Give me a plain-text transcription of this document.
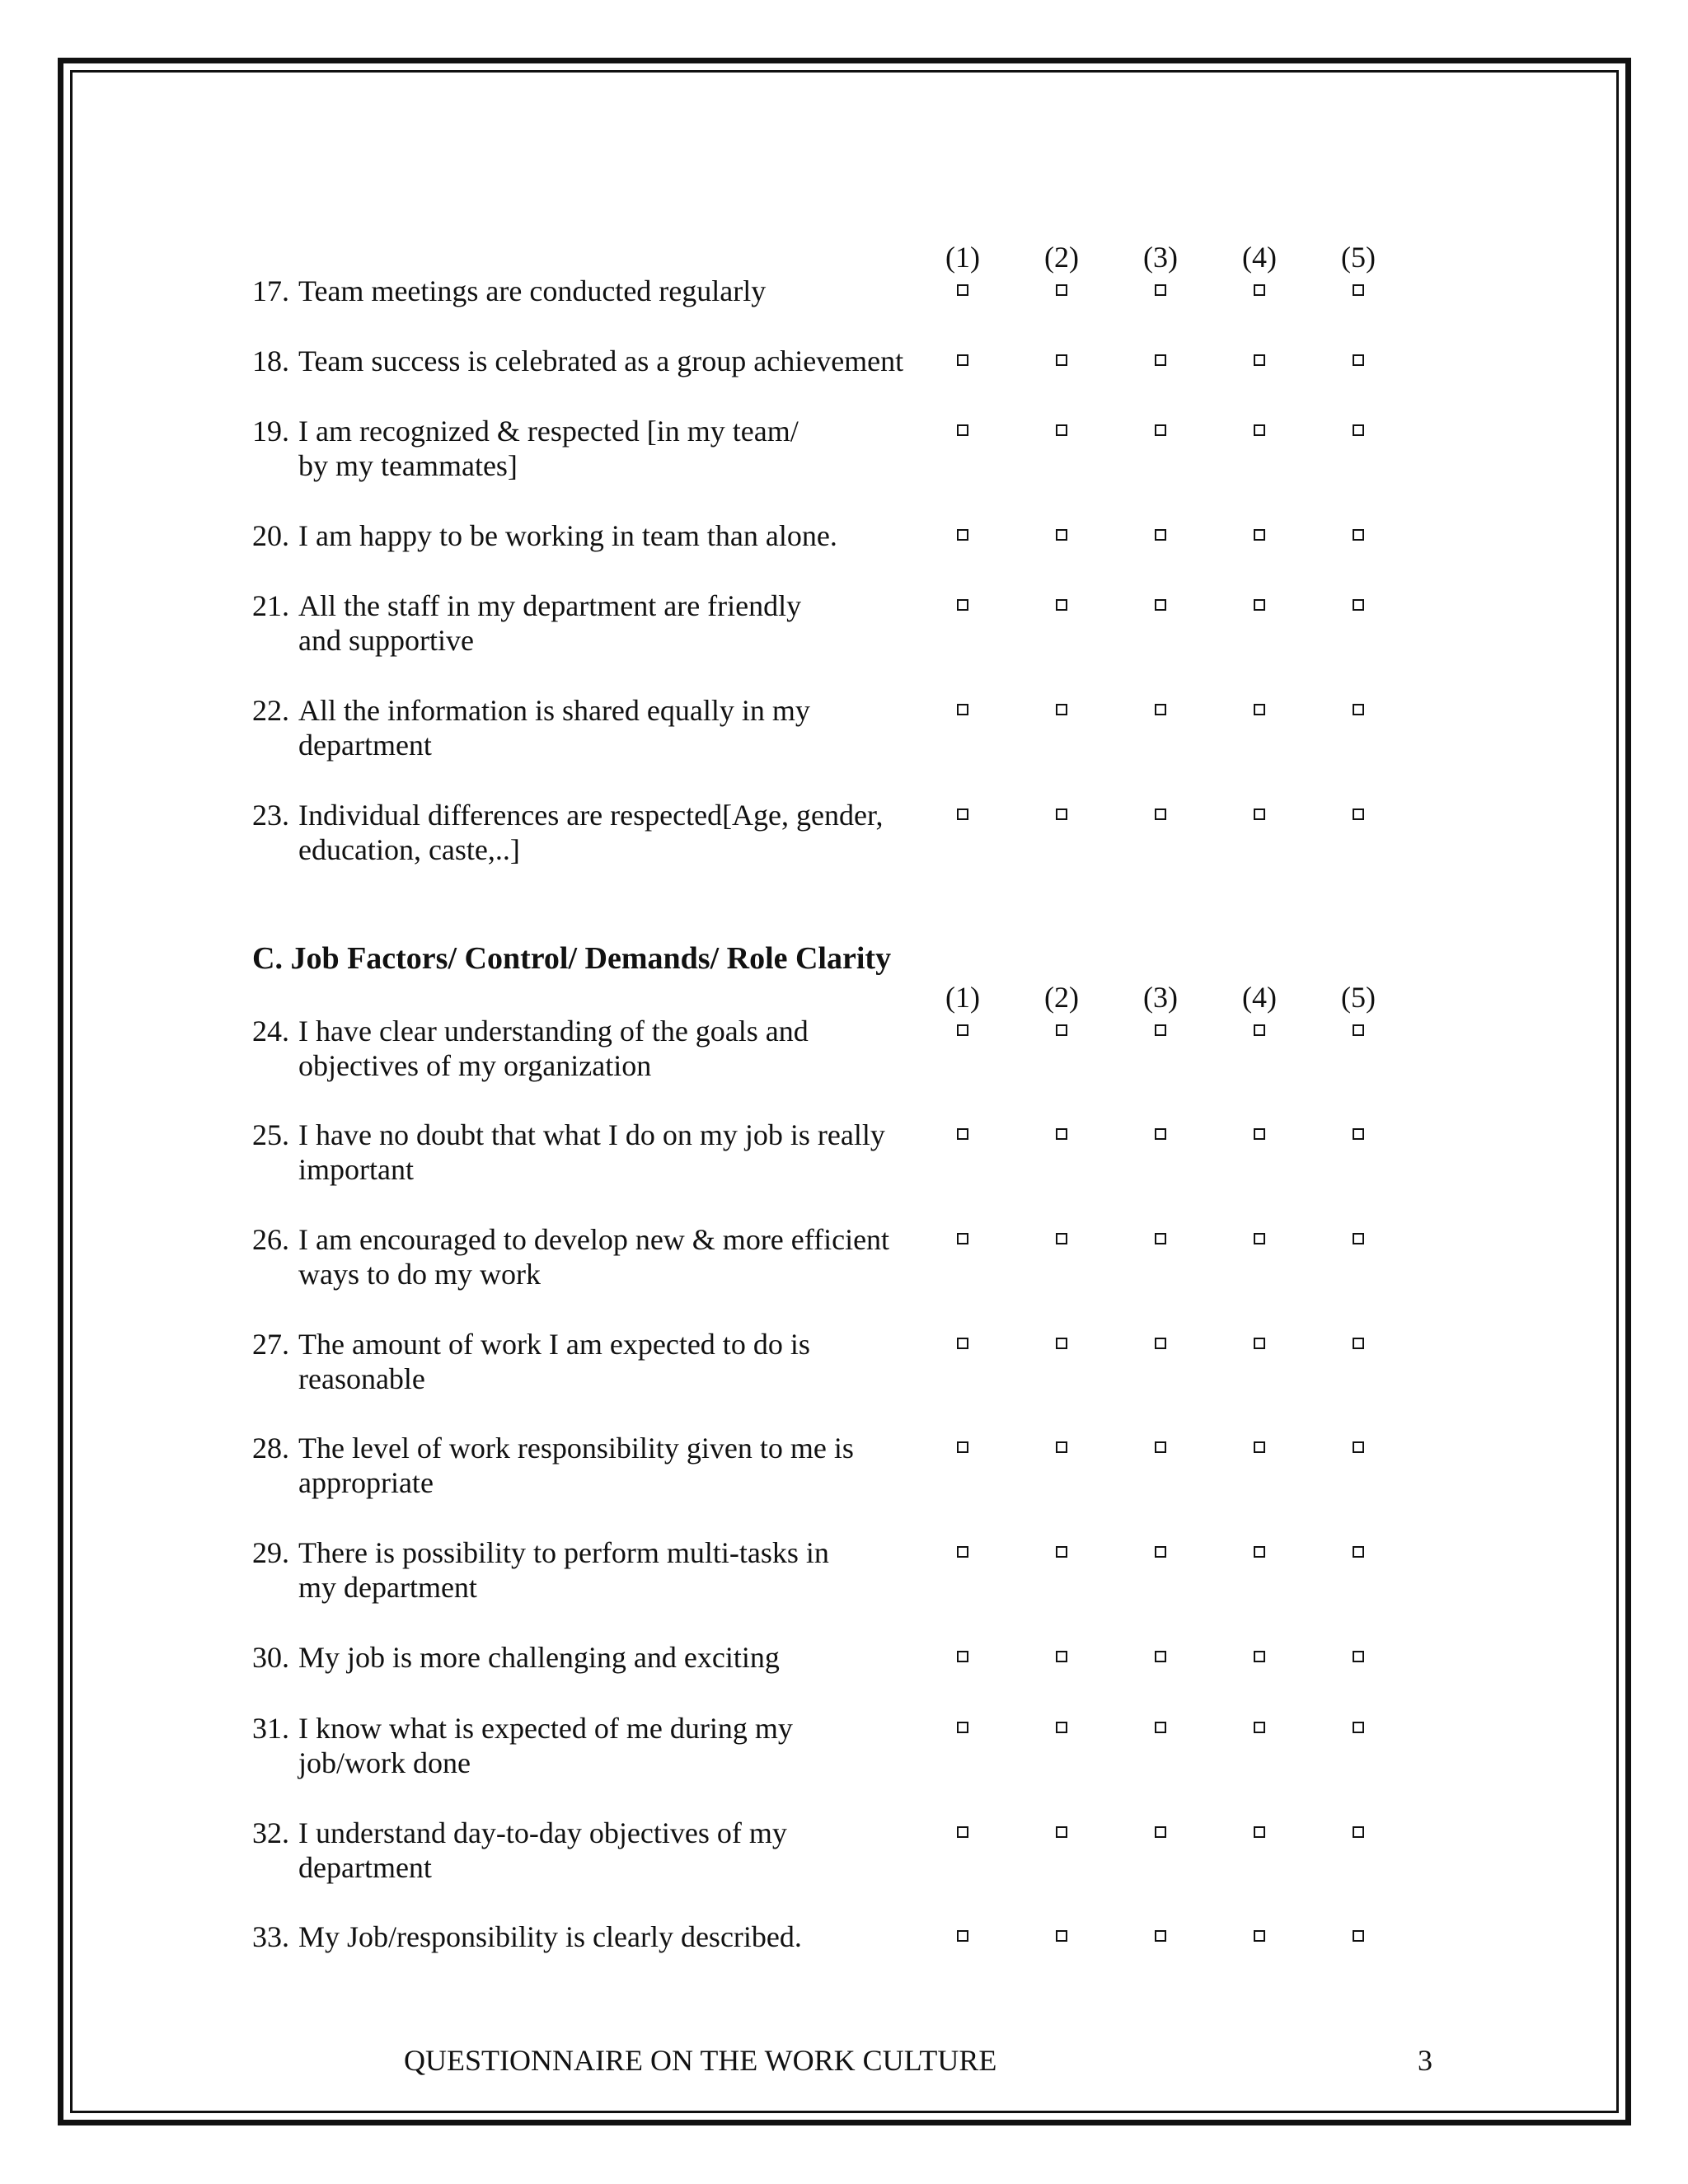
(1) (2) (3) (4) (5)
17. Team meetings are conducted regularly
18. Team success is celebrated as a group achievement
19. I am recognized & respected [in my team/
by my teammates]
20. I am happy to be working in team than alone.
21. All the staff in my department are friendly
and supportive
22. All the information is shared equally in my
department
23. Individual differences are respected[Age, gender,
education, caste,..]
C. Job Factors/ Control/ Demands/ Role Clarity
(1) (2) (3) (4) (5)
24. I have clear understanding of the goals and
objectives of my organization
25. I have no doubt that what I do on my job is really
important
26. I am encouraged to develop new & more efficient
ways to do my work
27. The amount of work I am expected to do is
reasonable
28. The level of work responsibility given to me is
appropriate
29. There is possibility to perform multi-tasks in
my department
30. My job is more challenging and exciting
31. I know what is expected of me during my
job/work done
32. I understand day-to-day objectives of my
department
33. My Job/responsibility is clearly described.
QUESTIONNAIRE ON THE WORK CULTURE	3
